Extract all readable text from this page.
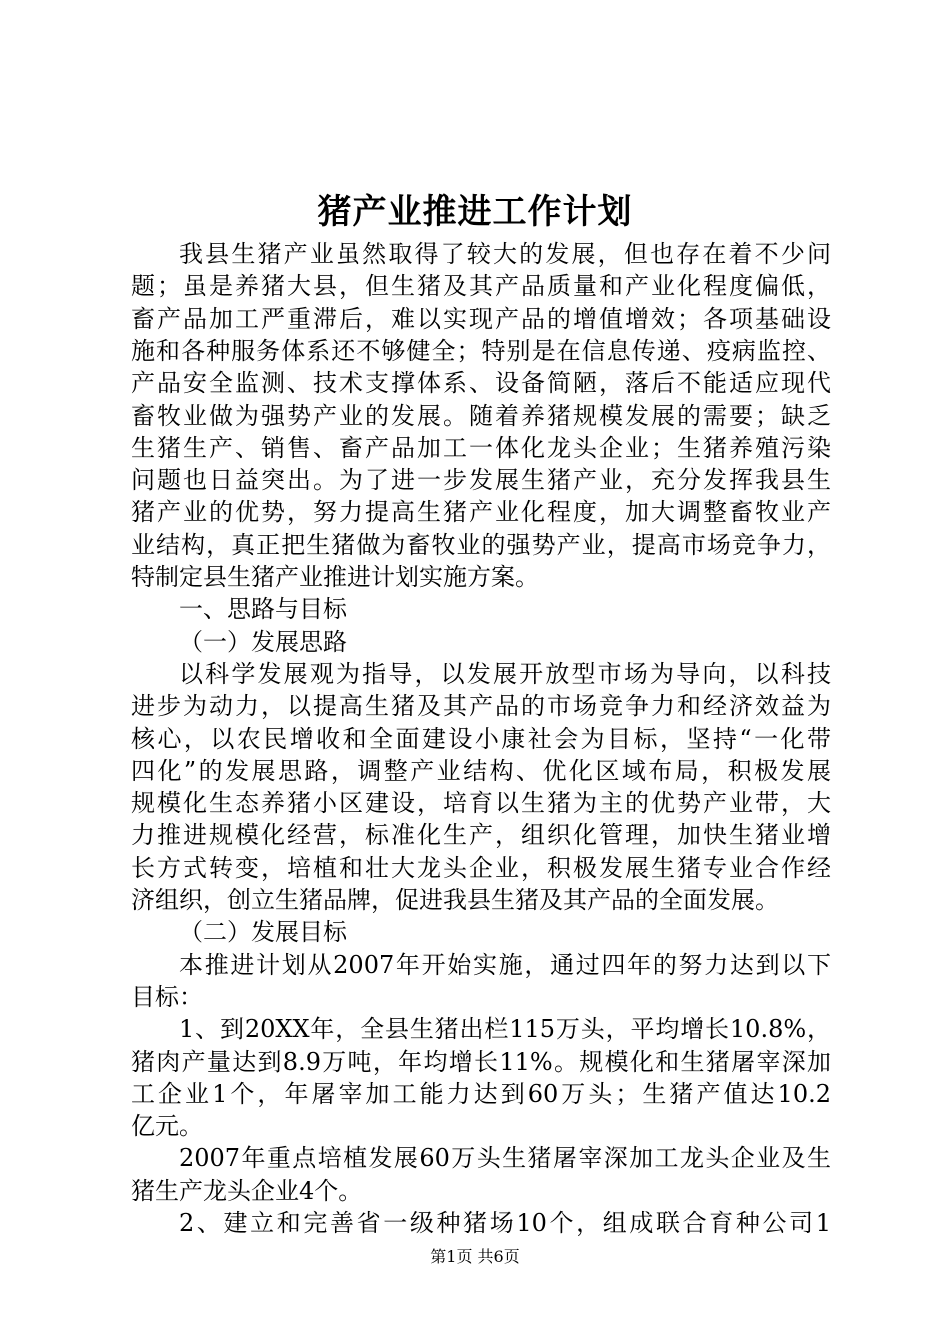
猪产业推进工作计划
我县生猪产业虽然取得了较大的发展，但也存在着不少问
题；虽是养猪大县，但生猪及其产品质量和产业化程度偏低，
畜产品加工严重滞后，难以实现产品的增值增效；各项基础设
施和各种服务体系还不够健全；特别是在信息传递、疫病监控、
产品安全监测、技术支撑体系、设备简陋，落后不能适应现代
畜牧业做为强势产业的发展。随着养猪规模发展的需要；缺乏
生猪生产、销售、畜产品加工一体化龙头企业；生猪养殖污染
问题也日益突出。为了进一步发展生猪产业，充分发挥我县生
猪产业的优势，努力提高生猪产业化程度，加大调整畜牧业产
业结构，真正把生猪做为畜牧业的强势产业，提高市场竞争力，
特制定县生猪产业推进计划实施方案。
一、思路与目标
（一）发展思路
以科学发展观为指导，以发展开放型市场为导向，以科技
进步为动力，以提高生猪及其产品的市场竞争力和经济效益为
核心，以农民增收和全面建设小康社会为目标，坚持“一化带
四化”的发展思路，调整产业结构、优化区域布局，积极发展
规模化生态养猪小区建设，培育以生猪为主的优势产业带，大
力推进规模化经营，标准化生产，组织化管理，加快生猪业增
长方式转变，培植和壮大龙头企业，积极发展生猪专业合作经
济组织，创立生猪品牌，促进我县生猪及其产品的全面发展。
（二）发展目标
本推进计划从2007年开始实施，通过四年的努力达到以下
目标：
1、到20XX年，全县生猪出栏115万头，平均增长10.8%，
猪肉产量达到8.9万吨，年均增长11%。规模化和生猪屠宰深加
工企业1个，年屠宰加工能力达到60万头；生猪产值达10.2
亿元。
2007年重点培植发展60万头生猪屠宰深加工龙头企业及生
猪生产龙头企业4个。
2、建立和完善省一级种猪场10个，组成联合育种公司1
第1页 共6页
